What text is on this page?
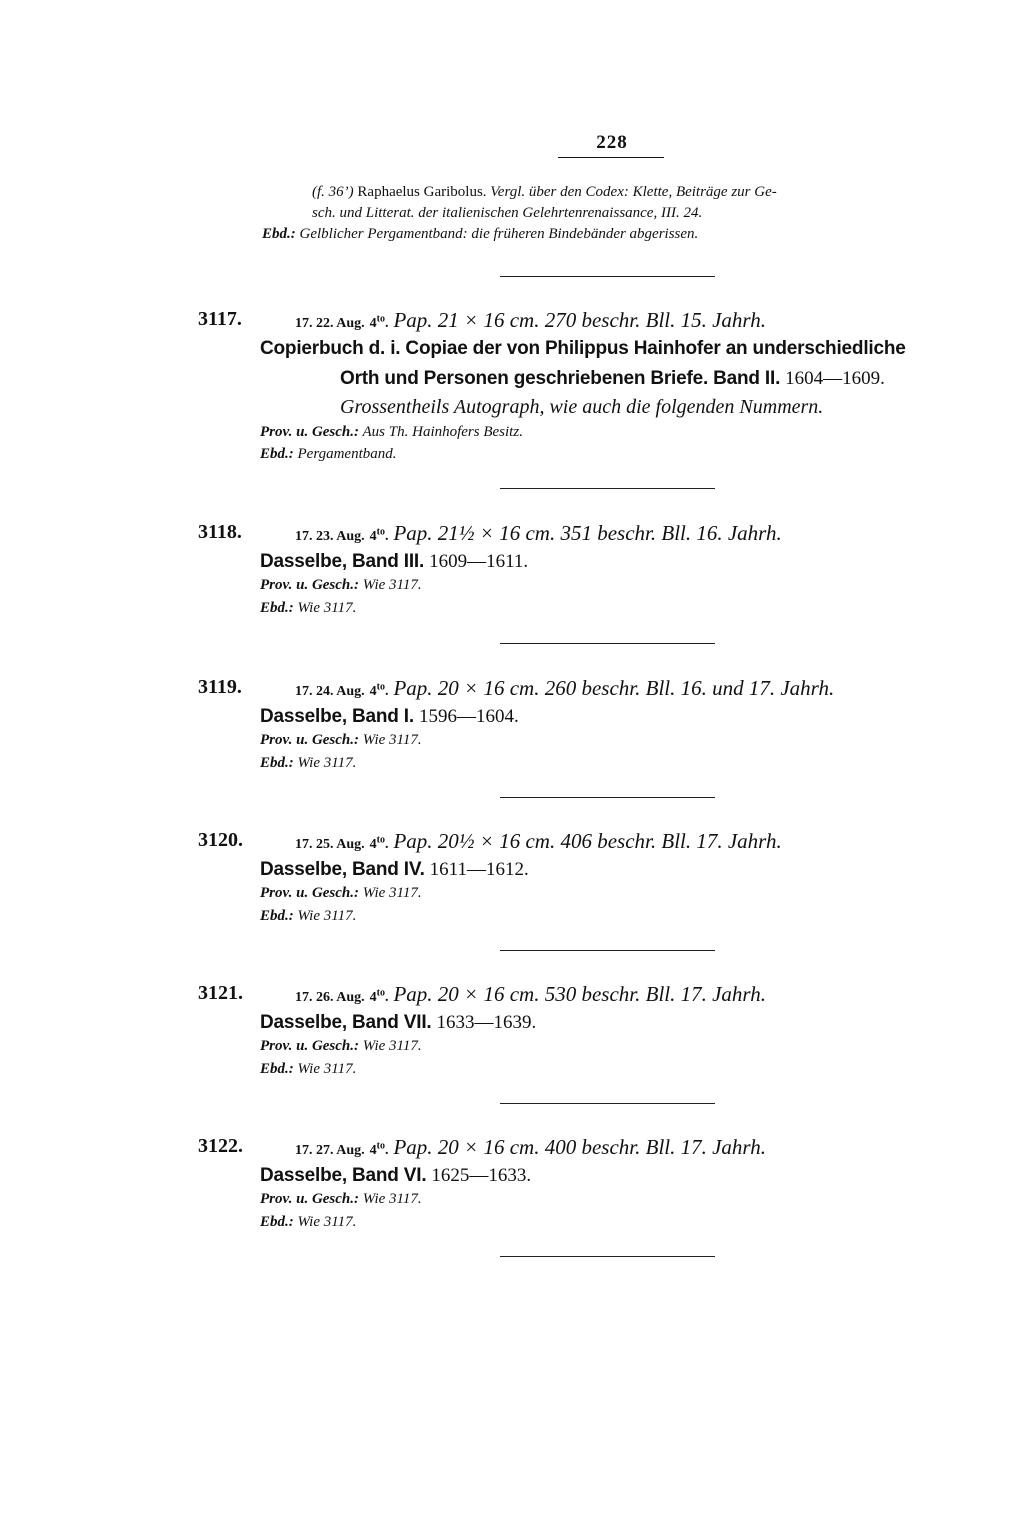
228
(f. 36’) Raphaelus Garibolus. Vergl. über den Codex: Klette, Beiträge zur Ge-
sch. und Litterat. der italienischen Gelehrtenrenaissance, III. 24.
Ebd.: Gelblicher Pergamentband: die früheren Bindebänder abgerissen.
3117.	17. 22. Aug. $4^{to}$. Pap. 21 × 16 cm. 270 beschr. Bll. 15. Jahrh.
Copierbuch d. i. Copiae der von Philippus Hainhofer an underschiedliche
Orth und Personen geschriebenen Briefe. Band II. 1604—1609.
Grossentheils Autograph, wie auch die folgenden Nummern.
Prov. u. Gesch.: Aus Th. Hainhofers Besitz.
Ebd.: Pergamentband.
3118.	17. 23. Aug. $4^{to}$. Pap. 21½ × 16 cm. 351 beschr. Bll. 16. Jahrh.
Dasselbe, Band III. 1609—1611.
Prov. u. Gesch.: Wie 3117.
Ebd.: Wie 3117.
3119.	17. 24. Aug. $4^{to}$. Pap. 20 × 16 cm. 260 beschr. Bll. 16. und 17. Jahrh.
Dasselbe, Band I. 1596—1604.
Prov. u. Gesch.: Wie 3117.
Ebd.: Wie 3117.
3120.	17. 25. Aug. $4^{to}$. Pap. 20½ × 16 cm. 406 beschr. Bll. 17. Jahrh.
Dasselbe, Band IV. 1611—1612.
Prov. u. Gesch.: Wie 3117.
Ebd.: Wie 3117.
3121.	17. 26. Aug. $4^{to}$. Pap. 20 × 16 cm. 530 beschr. Bll. 17. Jahrh.
Dasselbe, Band VII. 1633—1639.
Prov. u. Gesch.: Wie 3117.
Ebd.: Wie 3117.
3122.	17. 27. Aug. $4^{to}$. Pap. 20 × 16 cm. 400 beschr. Bll. 17. Jahrh.
Dasselbe, Band VI. 1625—1633.
Prov. u. Gesch.: Wie 3117.
Ebd.: Wie 3117.
